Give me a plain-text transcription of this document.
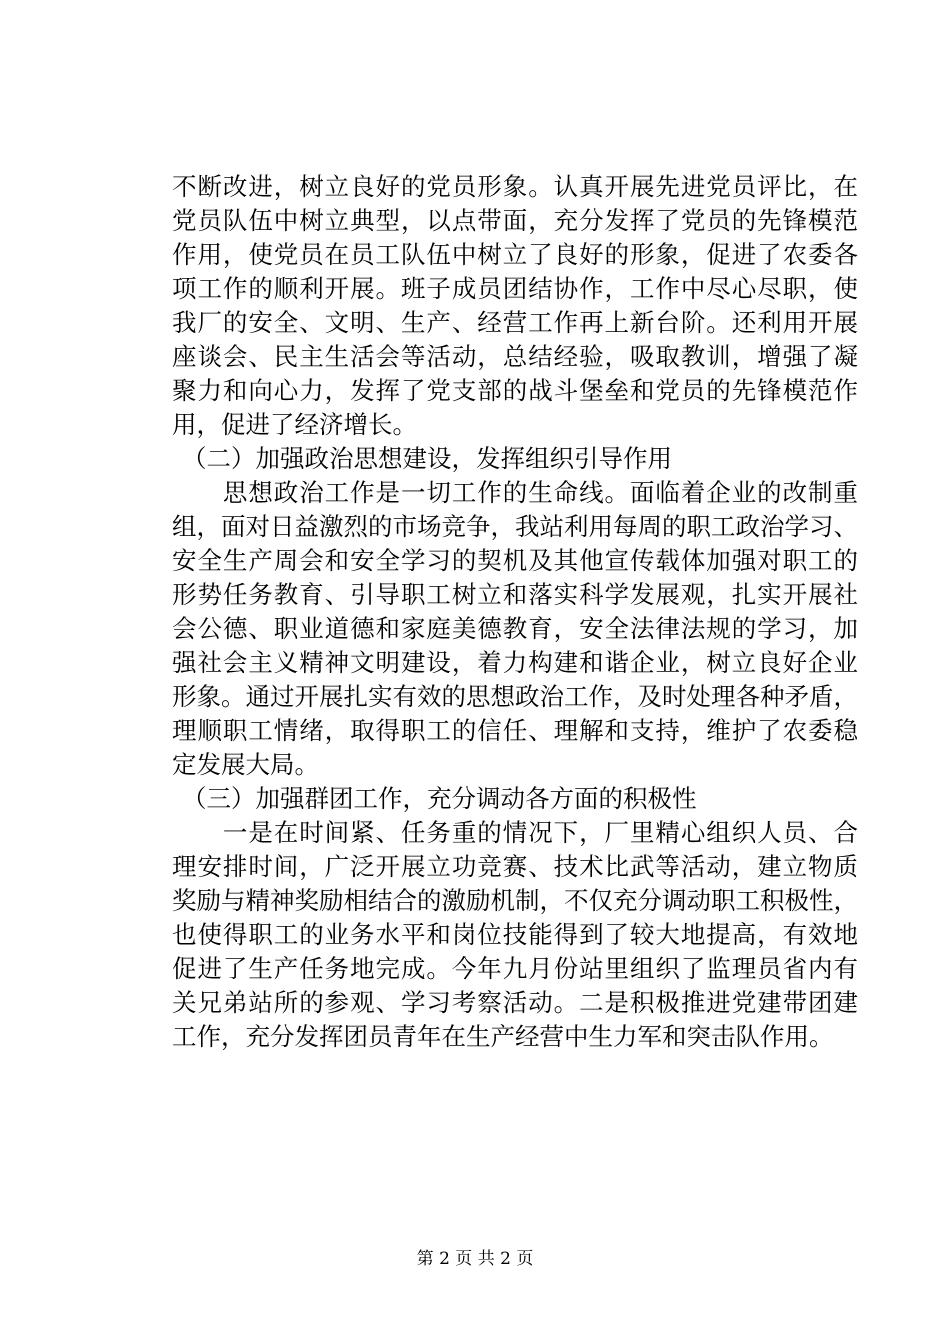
不断改进，树立良好的党员形象。认真开展先进党员评比，在
党员队伍中树立典型，以点带面，充分发挥了党员的先锋模范
作用，使党员在员工队伍中树立了良好的形象，促进了农委各
项工作的顺利开展。班子成员团结协作，工作中尽心尽职，使
我厂的安全、文明、生产、经营工作再上新台阶。还利用开展
座谈会、民主生活会等活动，总结经验，吸取教训，增强了凝
聚力和向心力，发挥了党支部的战斗堡垒和党员的先锋模范作
用，促进了经济增长。
（二）加强政治思想建设，发挥组织引导作用
　　思想政治工作是一切工作的生命线。面临着企业的改制重
组，面对日益激烈的市场竞争，我站利用每周的职工政治学习、
安全生产周会和安全学习的契机及其他宣传载体加强对职工的
形势任务教育、引导职工树立和落实科学发展观，扎实开展社
会公德、职业道德和家庭美德教育，安全法律法规的学习，加
强社会主义精神文明建设，着力构建和谐企业，树立良好企业
形象。通过开展扎实有效的思想政治工作，及时处理各种矛盾，
理顺职工情绪，取得职工的信任、理解和支持，维护了农委稳
定发展大局。
（三）加强群团工作，充分调动各方面的积极性
　　一是在时间紧、任务重的情况下，厂里精心组织人员、合
理安排时间，广泛开展立功竞赛、技术比武等活动，建立物质
奖励与精神奖励相结合的激励机制，不仅充分调动职工积极性，
也使得职工的业务水平和岗位技能得到了较大地提高，有效地
促进了生产任务地完成。今年九月份站里组织了监理员省内有
关兄弟站所的参观、学习考察活动。二是积极推进党建带团建
工作，充分发挥团员青年在生产经营中生力军和突击队作用。
第 2 页 共 2 页
